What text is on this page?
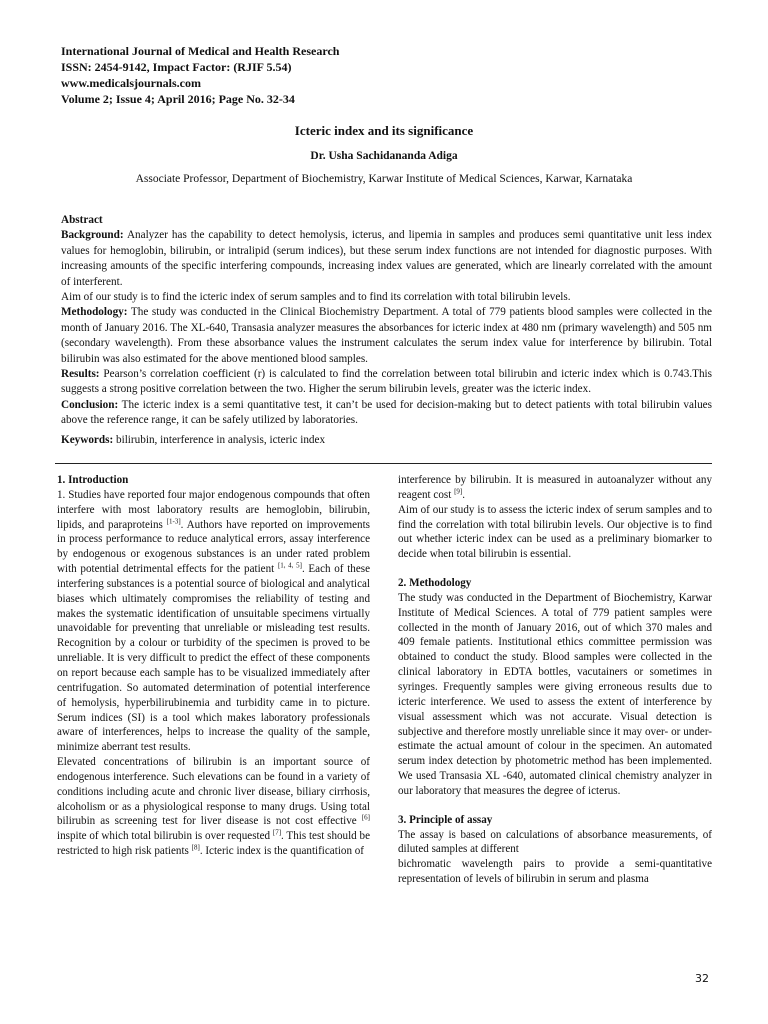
International Journal of Medical and Health Research
ISSN: 2454-9142, Impact Factor: (RJIF 5.54)
www.medicalsjournals.com
Volume 2; Issue 4; April 2016; Page No. 32-34
Icteric index and its significance
Dr. Usha Sachidananda Adiga
Associate Professor, Department of Biochemistry, Karwar Institute of Medical Sciences, Karwar, Karnataka

Abstract

Background: Analyzer has the capability to detect hemolysis, icterus, and lipemia in samples and produces semi quantitative unit less index values for hemoglobin, bilirubin, or intralipid (serum indices), but these serum index functions are not intended for diagnostic purposes. With increasing amounts of the specific interfering compounds, increasing index values are generated, which are linearly correlated with the amount of interferent.

Aim of our study is to find the icteric index of serum samples and to find its correlation with total bilirubin levels.

Methodology: The study was conducted in the Clinical Biochemistry Department. A total of 779 patients blood samples were collected in the month of January 2016. The XL-640, Transasia analyzer measures the absorbances for icteric index at 480 nm (primary wavelength) and 505 nm (secondary wavelength). From these absorbance values the instrument calculates the serum index value for interference by bilirubin. Total bilirubin was also estimated for the above mentioned blood samples.

Results: Pearson’s correlation coefficient (r) is calculated to find the correlation between total bilirubin and icteric index which is 0.743.This suggests a strong positive correlation between the two. Higher the serum bilirubin levels, greater was the icteric index.

Conclusion: The icteric index is a semi quantitative test, it can’t be used for decision-making but to detect patients with total bilirubin values above the reference range, it can be safely utilized by laboratories.

Keywords: bilirubin, interference in analysis, icteric index
1. Introduction

1. Studies have reported four major endogenous compounds that often interfere with most laboratory results are hemoglobin, bilirubin, lipids, and paraproteins [1-3]. Authors have reported on improvements in process performance to reduce analytical errors, assay interference by endogenous or exogenous substances is an under rated problem with potential detrimental effects for the patient [1, 4, 5]. Each of these interfering substances is a potential source of biological and analytical biases which ultimately compromises the reliability of testing and makes the systematic identification of unsuitable specimens virtually unavoidable for preventing that unreliable or misleading test results. Recognition by a colour or turbidity of the specimen is proved to be unreliable. It is very difficult to predict the effect of these components on report because each sample has to be visualized immediately after centrifugation. So automated determination of potential interference of hemolysis, hyperbilirubinemia and turbidity came in to picture. Serum indices (SI) is a tool which makes laboratory professionals aware of interferences, helps to increase the quality of the sample, minimize aberrant test results.

Elevated concentrations of bilirubin is an important source of endogenous interference. Such elevations can be found in a variety of conditions including acute and chronic liver disease, biliary cirrhosis, alcoholism or as a physiological response to many drugs. Using total bilirubin as screening test for liver disease is not cost effective [6] inspite of which total bilirubin is over requested [7]. This test should be restricted to high risk patients [8]. Icteric index is the quantification of

interference by bilirubin. It is measured in autoanalyzer without any reagent cost [9].

Aim of our study is to assess the icteric index of serum samples and to find the correlation with total bilirubin levels. Our objective is to find out whether icteric index can be used as a preliminary biomarker to decide when total bilirubin is essential.

2. Methodology

The study was conducted in the Department of Biochemistry, Karwar Institute of Medical Sciences. A total of 779 patient samples were collected in the month of January 2016, out of which 370 males and 409 female patients. Institutional ethics committee permission was obtained to conduct the study. Blood samples were collected in the clinical laboratory in EDTA bottles, vacutainers or sometimes in syringes. Frequently samples were giving erroneous results due to icteric interference. We used to assess the extent of interference by visual assessment which was not accurate. Visual detection is subjective and therefore mostly unreliable since it may over- or under-estimate the actual amount of colour in the specimen. An automated serum index detection by photometric method has been implemented. We used Transasia XL -640, automated clinical chemistry analyzer in our laboratory that measures the degree of icterus.

3. Principle of assay

The assay is based on calculations of absorbance measurements, of diluted samples at different

bichromatic wavelength pairs to provide a semi-quantitative representation of levels of bilirubin in serum and plasma

32
